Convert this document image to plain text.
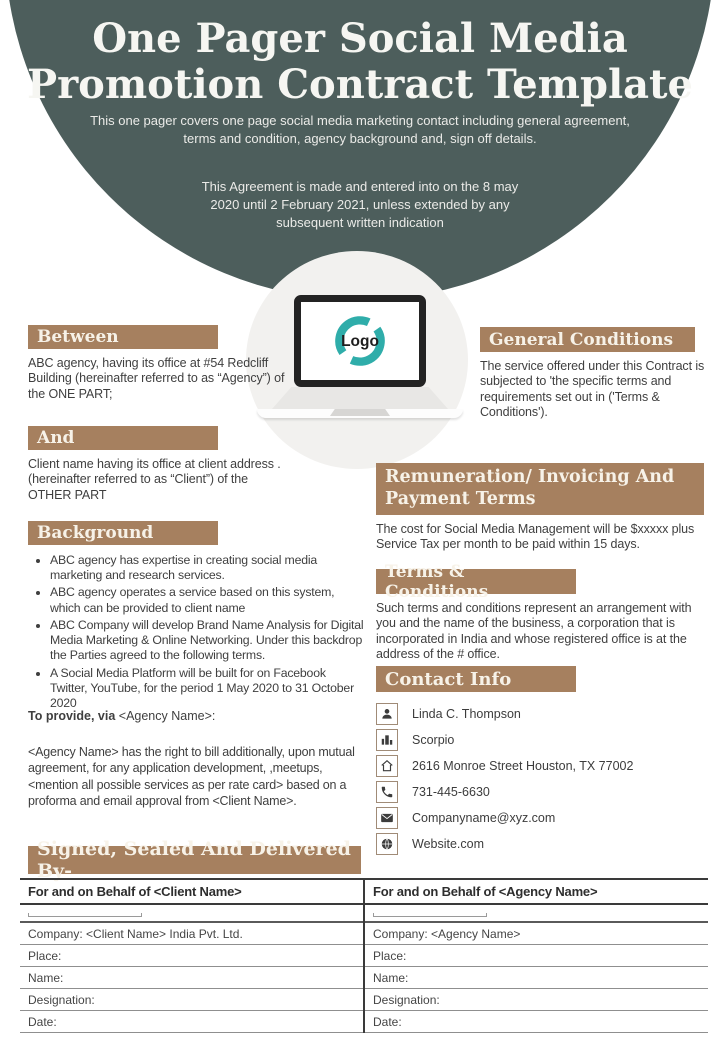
One Pager Social Media Promotion Contract Template
This one pager covers one page social media marketing contact including general agreement, terms and condition, agency background and, sign off details.
This Agreement is made and entered into on the 8 may 2020 until 2 February 2021, unless extended by any subsequent written indication
Logo
Between
ABC agency, having its office at #54 Redcliff Building (hereinafter referred to as “Agency”) of the ONE PART;
And
Client name having its office at client address . (hereinafter referred to as “Client”) of the OTHER PART
Background
• ABC agency has expertise in creating social media marketing and research services.
• ABC agency operates a service based on this system, which can be provided to client name
• ABC Company will develop Brand Name Analysis for Digital Media Marketing & Online Networking. Under this backdrop the Parties agreed to the following terms.
• A Social Media Platform will be built for on Facebook Twitter, YouTube, for the period 1 May 2020 to 31 October 2020
To provide, via <Agency Name>:
<Agency Name> has the right to bill additionally, upon mutual agreement, for any application development, ,meetups, <mention all possible services as per rate card> based on a proforma and email approval from <Client Name>.
General Conditions
The service offered under this Contract is subjected to 'the specific terms and requirements set out in ('Terms & Conditions').
Remuneration/ Invoicing And Payment Terms
The cost for Social Media Management will be $xxxxx plus Service Tax per month to be paid within 15 days.
Terms & Conditions
Such terms and conditions represent an arrangement with you and the name of the business, a corporation that is incorporated in India and whose registered office is at the address of the # office.
Contact Info
Linda C. Thompson
Scorpio
2616 Monroe Street Houston, TX 77002
731-445-6630
Companyname@xyz.com
Website.com
Signed, Sealed And Delivered By-
For and on Behalf of <Client Name>
Company: <Client Name> India Pvt. Ltd.
Place:
Name:
Designation:
Date:
For and on Behalf of <Agency Name>
Company: <Agency Name>
Place:
Name:
Designation:
Date:
